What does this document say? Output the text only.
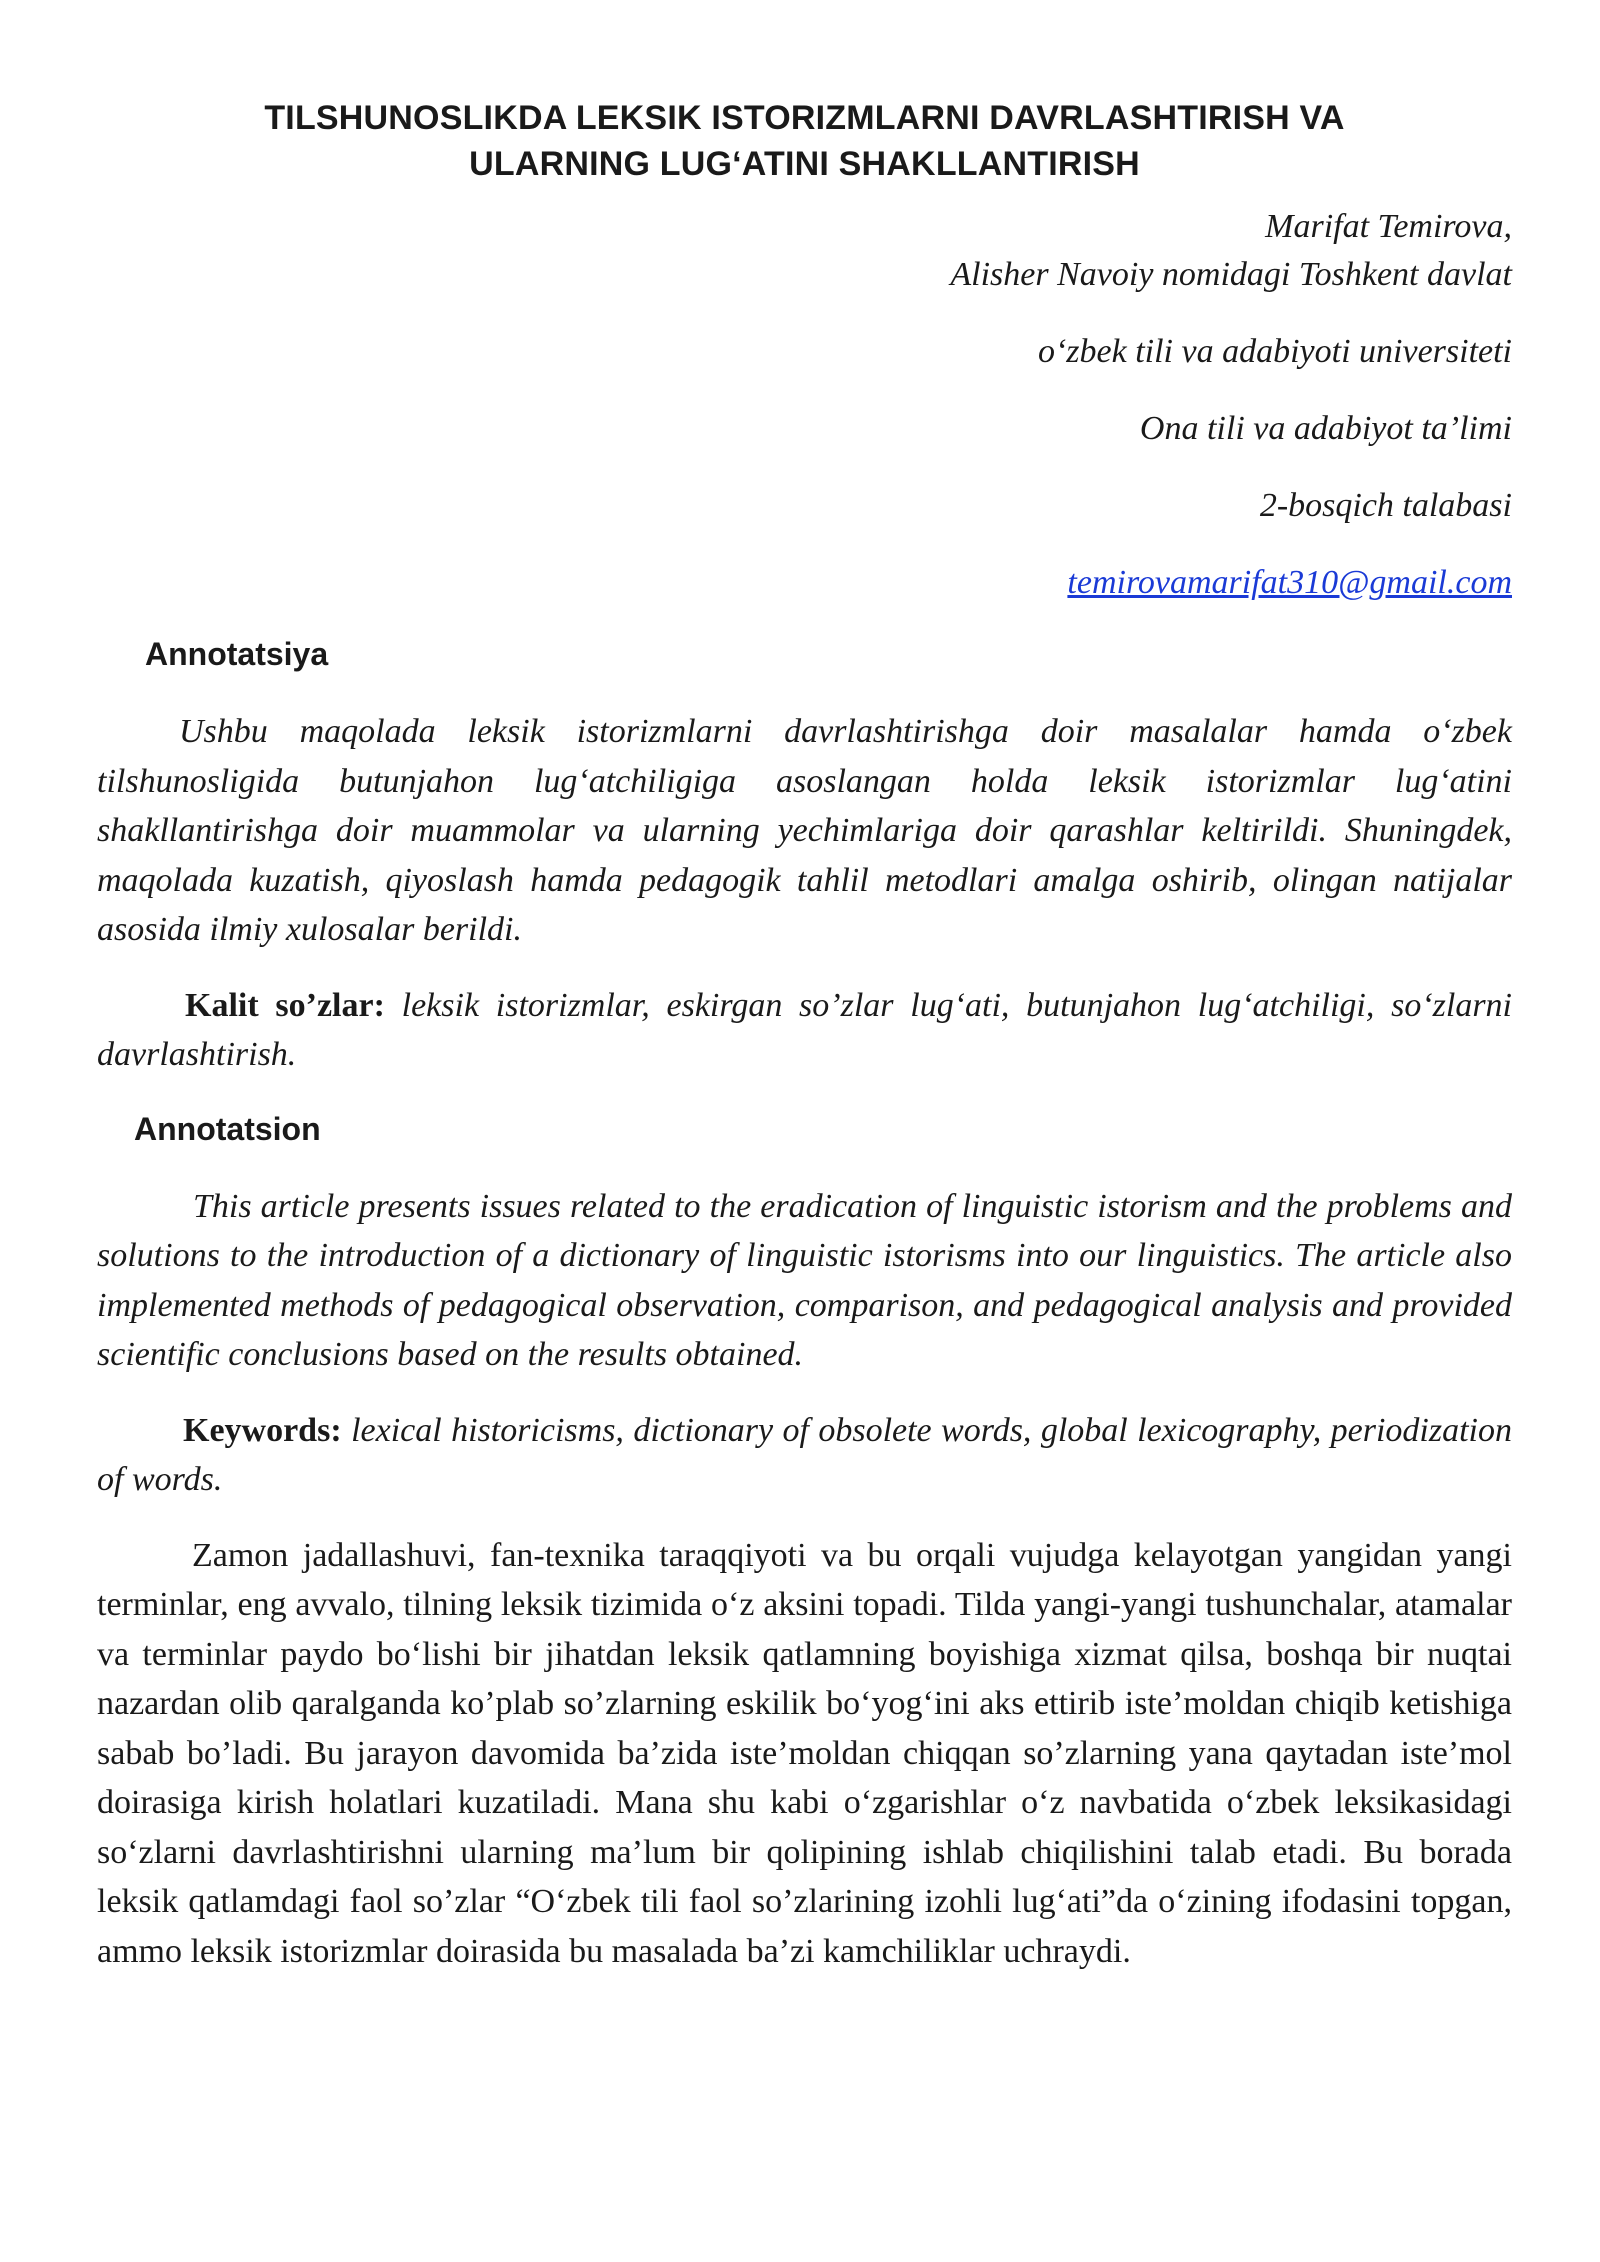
TILSHUNOSLIKDA LEKSIK ISTORIZMLARNI DAVRLASHTIRISH VA
ULARNING LUG‘ATINI SHAKLLANTIRISH
Marifat Temirova,
Alisher Navoiy nomidagi Toshkent davlat
o‘zbek tili va adabiyoti universiteti
Ona tili va adabiyot ta’limi
2-bosqich talabasi
temirovamarifat310@gmail.com
Annotatsiya

Ushbu maqolada leksik istorizmlarni davrlashtirishga doir masalalar hamda o‘zbek tilshunosligida butunjahon lug‘atchiligiga asoslangan holda leksik istorizmlar lug‘atini shakllantirishga doir muammolar va ularning yechimlariga doir qarashlar keltirildi. Shuningdek, maqolada kuzatish, qiyoslash hamda pedagogik tahlil metodlari amalga oshirib, olingan natijalar asosida ilmiy xulosalar berildi.

Kalit so’zlar: leksik istorizmlar, eskirgan so’zlar lug‘ati, butunjahon lug‘atchiligi, so‘zlarni davrlashtirish.

Annotatsion

This article presents issues related to the eradication of linguistic istorism and the problems and solutions to the introduction of a dictionary of linguistic istorisms into our linguistics. The article also implemented methods of pedagogical observation, comparison, and pedagogical analysis and provided scientific conclusions based on the results obtained.

Keywords: lexical historicisms, dictionary of obsolete words, global lexicography, periodization of words.

Zamon jadallashuvi, fan-texnika taraqqiyoti va bu orqali vujudga kelayotgan yangidan yangi terminlar, eng avvalo, tilning leksik tizimida o‘z aksini topadi. Tilda yangi-yangi tushunchalar, atamalar va terminlar paydo bo‘lishi bir jihatdan leksik qatlamning boyishiga xizmat qilsa, boshqa bir nuqtai nazardan olib qaralganda ko’plab so’zlarning eskilik bo‘yog‘ini aks ettirib iste’moldan chiqib ketishiga sabab bo’ladi. Bu jarayon davomida ba’zida iste’moldan chiqqan so’zlarning yana qaytadan iste’mol doirasiga kirish holatlari kuzatiladi. Mana shu kabi o‘zgarishlar o‘z navbatida o‘zbek leksikasidagi so‘zlarni davrlashtirishni ularning ma’lum bir qolipining ishlab chiqilishini talab etadi. Bu borada leksik qatlamdagi faol so’zlar “O‘zbek tili faol so’zlarining izohli lug‘ati”da o‘zining ifodasini topgan, ammo leksik istorizmlar doirasida bu masalada ba’zi kamchiliklar uchraydi.
